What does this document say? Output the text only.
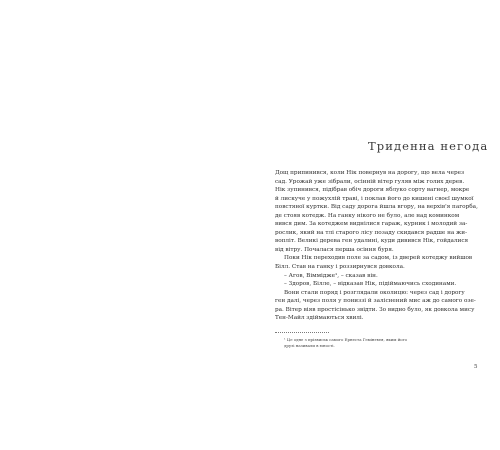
Триденна негода
Дощ припинився, коли Нік повернув на дорогу, що вела через
сад. Урожай уже зібрали, осінній вітер гуляв між голих дерев.
Нік зупинився, підібрав обіч дороги яблуко сорту вагнер, мокре
й лискуче у пожухлій траві, і поклав його до кишені своєї шумкої
повстяної куртки. Від саду дорога йшла вгору, на верхів'я пагорба,
де стояв котедж. На ганку нікого не було, але над коминком
вився дим. За котеджем виднілися гараж, курник і молодий за-
рослик, який на тлі старого лісу позаду скидався радше на жи-
вопліт. Великі дерева ген удалині, куди дивився Нік, гойдалися
від вітру. Почалася перша осіння буря.
Поки Нік переходив поле за садом, із дверей котеджу вийшов
Білл. Став на ганку і роззирнувся довкола.
– Агов, Віммідже¹, – сказав він.
– Здоров, Білле, – відказав Нік, підіймаючись сходинами.
Вони стали поряд і розглядали околицю: через сад і дорогу
ген далі, через поля у пониззі й заліснений мис аж до самого озе-
ра. Вітер віяв простісінько звідти. Зо видно було, як довкола мису
Тен-Майл здіймаються хвилі.
¹ Це одне з прізвиськ самого Ернеста Гемінгвея, яким його
друзі називали в юності.
5
